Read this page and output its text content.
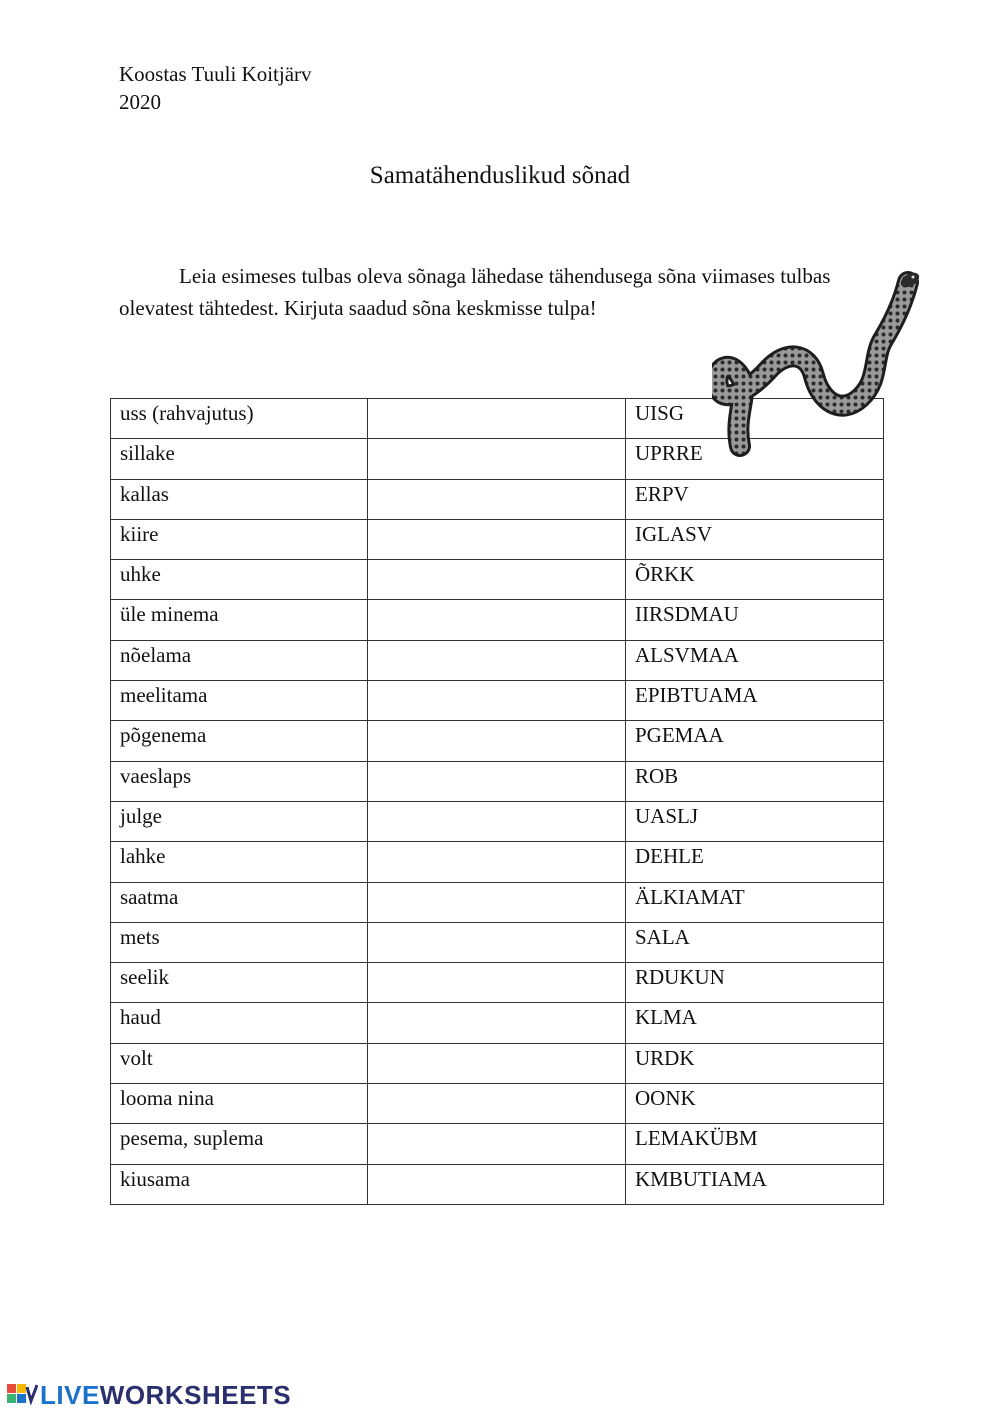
Koostas Tuuli Koitjärv
2020
Samatähenduslikud sõnad
Leia esimeses tulbas oleva sõnaga lähedase tähendusega sõna viimases tulbas olevatest tähtedest. Kirjuta saadud sõna keskmisse tulpa!
uss (rahvajutus)		UISG
sillake		UPRRE
kallas		ERPV
kiire		IGLASV
uhke		ÕRKK
üle minema		IIRSDMAU
nõelama		ALSVMAA
meelitama		EPIBTUAMA
põgenema		PGEMAA
vaeslaps		ROB
julge		UASLJ
lahke		DEHLE
saatma		ÄLKIAMAT
mets		SALA
seelik		RDUKUN
haud		KLMA
volt		URDK
looma nina		OONK
pesema, suplema		LEMAKÜBM
kiusama		KMBUTIAMA
LIVE WORKSHEETS
